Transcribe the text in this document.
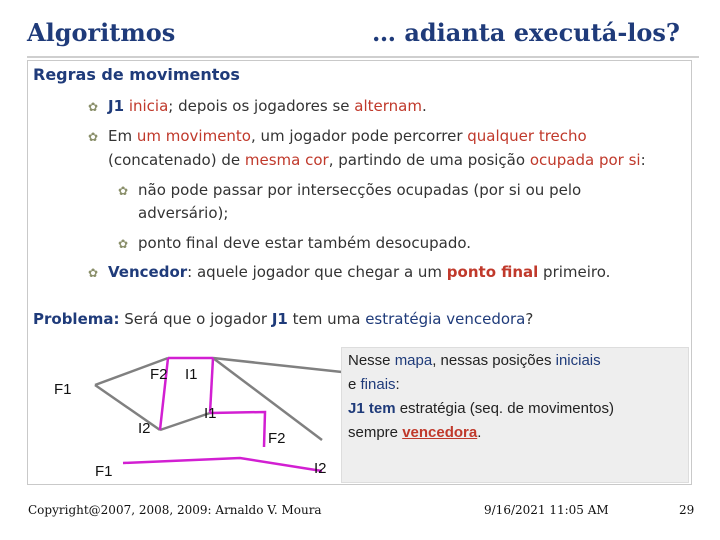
Algoritmos	… adianta executá-los?
Regras de movimentos
✿ J1 inicia; depois os jogadores se alternam.
✿ Em um movimento, um jogador pode percorrer qualquer trecho
(concatenado) de mesma cor, partindo de uma posição ocupada por si:
✿ não pode passar por intersecções ocupadas (por si ou pelo
adversário);
✿ ponto final deve estar também desocupado.
✿ Vencedor: aquele jogador que chegar a um ponto final primeiro.
Problema: Será que o jogador J1 tem uma estratégia vencedora?
F2 I1
F1
I2
I1
F2
F1	I2
Nesse mapa, nessas posições iniciais
e finais:
J1 tem estratégia (seq. de movimentos)
sempre vencedora.
Copyright@2007, 2008, 2009: Arnaldo V. Moura	9/16/2021 11:05 AM	29
